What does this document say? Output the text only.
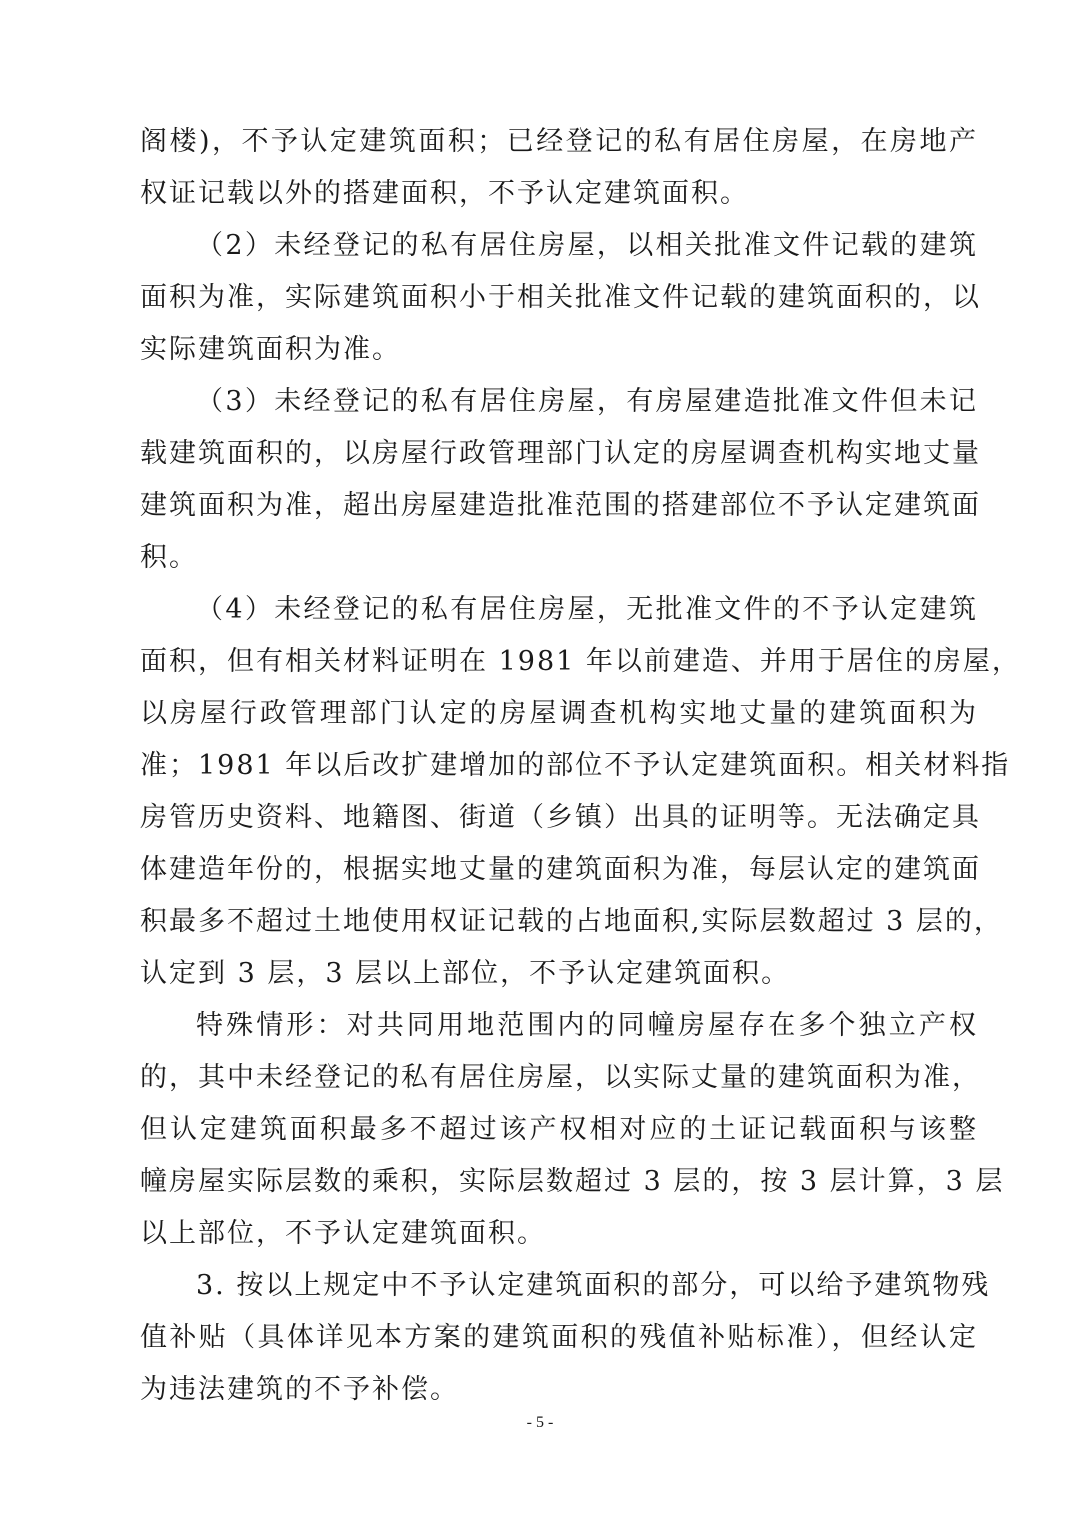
阁楼)，不予认定建筑面积；已经登记的私有居住房屋，在房地产
权证记载以外的搭建面积，不予认定建筑面积。
（2）未经登记的私有居住房屋，以相关批准文件记载的建筑
面积为准，实际建筑面积小于相关批准文件记载的建筑面积的，以
实际建筑面积为准。
（3）未经登记的私有居住房屋，有房屋建造批准文件但未记
载建筑面积的，以房屋行政管理部门认定的房屋调查机构实地丈量
建筑面积为准，超出房屋建造批准范围的搭建部位不予认定建筑面
积。
（4）未经登记的私有居住房屋，无批准文件的不予认定建筑
面积，但有相关材料证明在 1981 年以前建造、并用于居住的房屋，
以房屋行政管理部门认定的房屋调查机构实地丈量的建筑面积为
准；1981 年以后改扩建增加的部位不予认定建筑面积。相关材料指
房管历史资料、地籍图、街道（乡镇）出具的证明等。无法确定具
体建造年份的，根据实地丈量的建筑面积为准，每层认定的建筑面
积最多不超过土地使用权证记载的占地面积,实际层数超过 3 层的，
认定到 3 层，3 层以上部位，不予认定建筑面积。
特殊情形：对共同用地范围内的同幢房屋存在多个独立产权
的，其中未经登记的私有居住房屋，以实际丈量的建筑面积为准，
但认定建筑面积最多不超过该产权相对应的土证记载面积与该整
幢房屋实际层数的乘积，实际层数超过 3 层的，按 3 层计算，3 层
以上部位，不予认定建筑面积。
3. 按以上规定中不予认定建筑面积的部分，可以给予建筑物残
值补贴（具体详见本方案的建筑面积的残值补贴标准），但经认定
为违法建筑的不予补偿。
- 5 -
